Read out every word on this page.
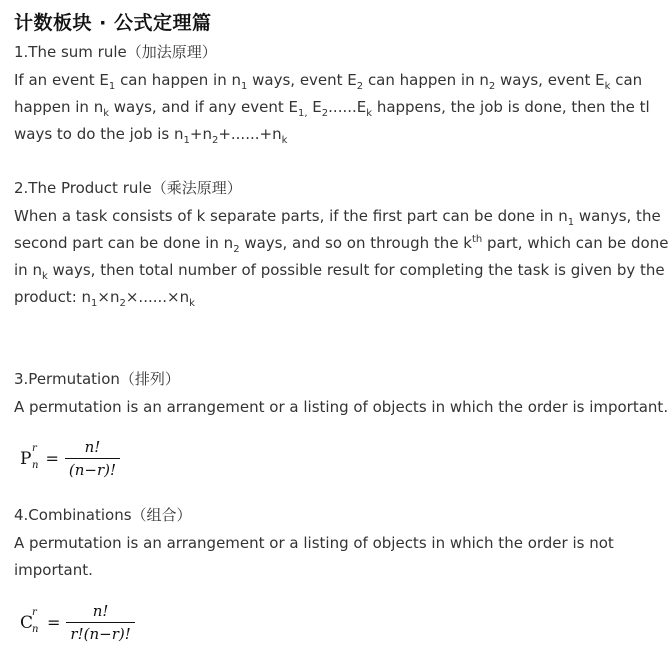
计数板块 · 公式定理篇
1.The sum rule（加法原理）
If an event $E_1$ can happen in $n_1$ ways, event $E_2$ can happen in $n_2$ ways, event $E_k$ can
happen in $n_k$ ways, and if any event $E_{1,}$ $E_2......E_k$ happens, the job is done, then the tl
ways to do the job is $n_1+n_2+......+n_k$
2.The Product rule（乘法原理）
When a task consists of k separate parts, if the first part can be done in $n_1$ wanys, the
second part can be done in $n_2$ ways, and so on through the $k^{th}$ part, which can be done
in $n_k$ ways, then total number of possible result for completing the task is given by the
product: $n_1\times n_2\times......\times n_k$
3.Permutation（排列）
A permutation is an arrangement or a listing of objects in which the order is important.
P
r
$n = \frac{n!}{(n-r)!}$
4.Combinations（组合）
A permutation is an arrangement or a listing of objects in which the order is not
important.
C
r
$n = \frac{n!}{r!(n-r)!}$
